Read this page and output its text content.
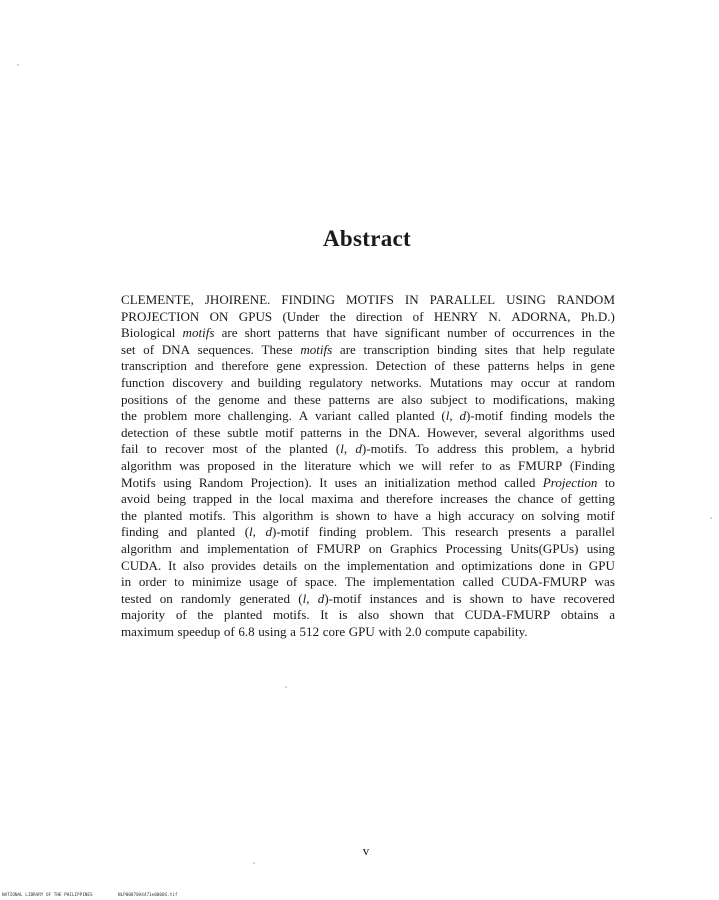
Abstract
CLEMENTE, JHOIRENE. FINDING MOTIFS IN PARALLEL USING RANDOM
PROJECTION ON GPUS (Under the direction of HENRY N. ADORNA, Ph.D.)
Biological motifs are short patterns that have significant number of occurrences in the
set of DNA sequences. These motifs are transcription binding sites that help regulate
transcription and therefore gene expression. Detection of these patterns helps in gene
function discovery and building regulatory networks. Mutations may occur at random
positions of the genome and these patterns are also subject to modifications, making
the problem more challenging. A variant called planted (l, d)-motif finding models the
detection of these subtle motif patterns in the DNA. However, several algorithms used
fail to recover most of the planted (l, d)-motifs. To address this problem, a hybrid
algorithm was proposed in the literature which we will refer to as FMURP (Finding
Motifs using Random Projection). It uses an initialization method called Projection to
avoid being trapped in the local maxima and therefore increases the chance of getting
the planted motifs. This algorithm is shown to have a high accuracy on solving motif
finding and planted (l, d)-motif finding problem. This research presents a parallel
algorithm and implementation of FMURP on Graphics Processing Units(GPUs) using
CUDA. It also provides details on the implementation and optimizations done in GPU
in order to minimize usage of space. The implementation called CUDA-FMURP was
tested on randomly generated (l, d)-motif instances and is shown to have recovered
majority of the planted motifs. It is also shown that CUDA-FMURP obtains a
maximum speedup of 6.8 using a 512 core GPU with 2.0 compute capability.
v
NATIONAL LIBRARY OF THE PHILIPPINES	NLP00870A4471e0000S.tif
